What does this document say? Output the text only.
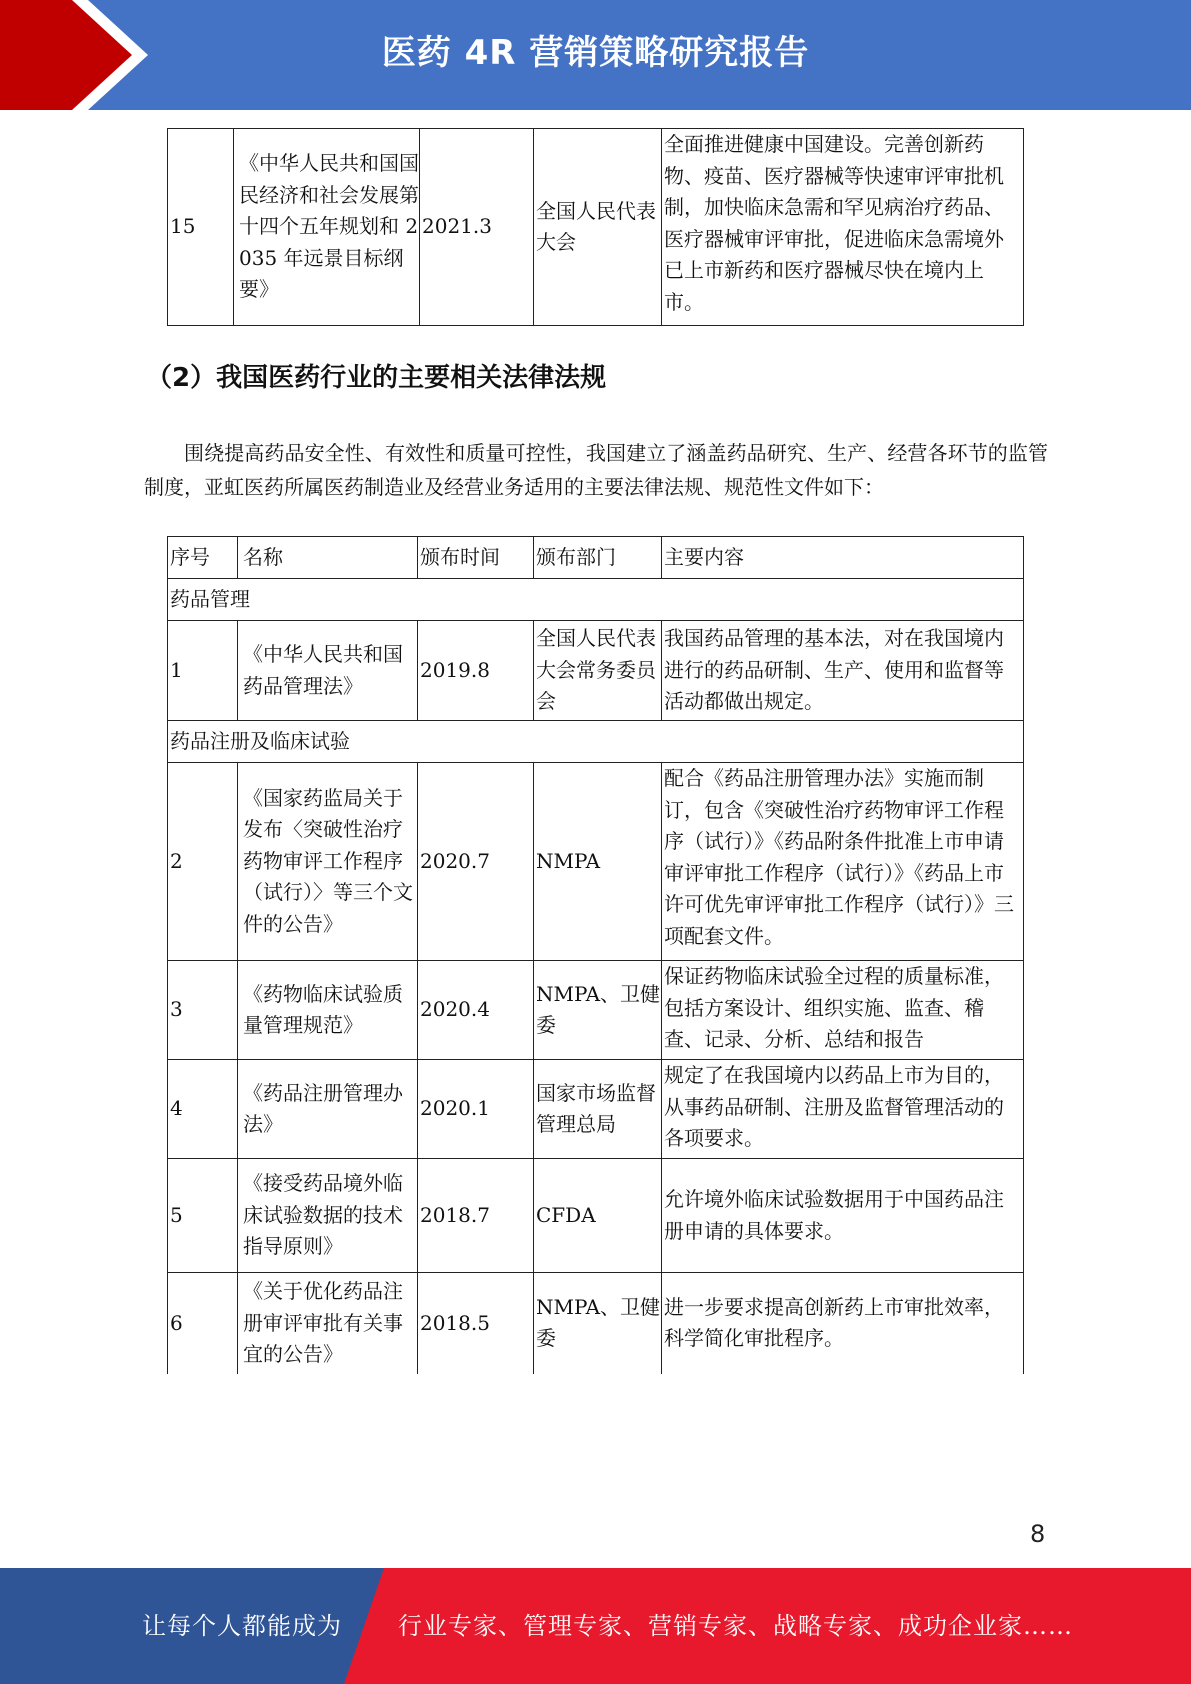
医药 4R 营销策略研究报告
15	《中华人民共和国国民经济和社会发展第十四个五年规划和 2035 年远景目标纲要》	2021.3	全国人民代表大会	全面推进健康中国建设。完善创新药物、疫苗、医疗器械等快速审评审批机制，加快临床急需和罕见病治疗药品、医疗器械审评审批，促进临床急需境外已上市新药和医疗器械尽快在境内上市。
（2）我国医药行业的主要相关法律法规
围绕提高药品安全性、有效性和质量可控性，我国建立了涵盖药品研究、生产、经营各环节的监管制度，亚虹医药所属医药制造业及经营业务适用的主要法律法规、规范性文件如下：
序号	名称	颁布时间	颁布部门	主要内容
药品管理				
1	《中华人民共和国药品管理法》	2019.8	全国人民代表大会常务委员会	我国药品管理的基本法，对在我国境内进行的药品研制、生产、使用和监督等活动都做出规定。
药品注册及临床试验				
2	《国家药监局关于发布〈突破性治疗药物审评工作程序（试行）〉等三个文件的公告》	2020.7	NMPA	配合《药品注册管理办法》实施而制订，包含《突破性治疗药物审评工作程序（试行）》《药品附条件批准上市申请审评审批工作程序（试行）》《药品上市许可优先审评审批工作程序（试行）》三项配套文件。
3	《药物临床试验质量管理规范》	2020.4	NMPA、卫健委	保证药物临床试验全过程的质量标准，包括方案设计、组织实施、监查、稽查、记录、分析、总结和报告
4	《药品注册管理办法》	2020.1	国家市场监督管理总局	规定了在我国境内以药品上市为目的，从事药品研制、注册及监督管理活动的各项要求。
5	《接受药品境外临床试验数据的技术指导原则》	2018.7	CFDA	允许境外临床试验数据用于中国药品注册申请的具体要求。
6	《关于优化药品注册审评审批有关事宜的公告》	2018.5	NMPA、卫健委	进一步要求提高创新药上市审批效率，科学简化审批程序。
8
让每个人都能成为 行业专家、管理专家、营销专家、战略专家、成功企业家……
